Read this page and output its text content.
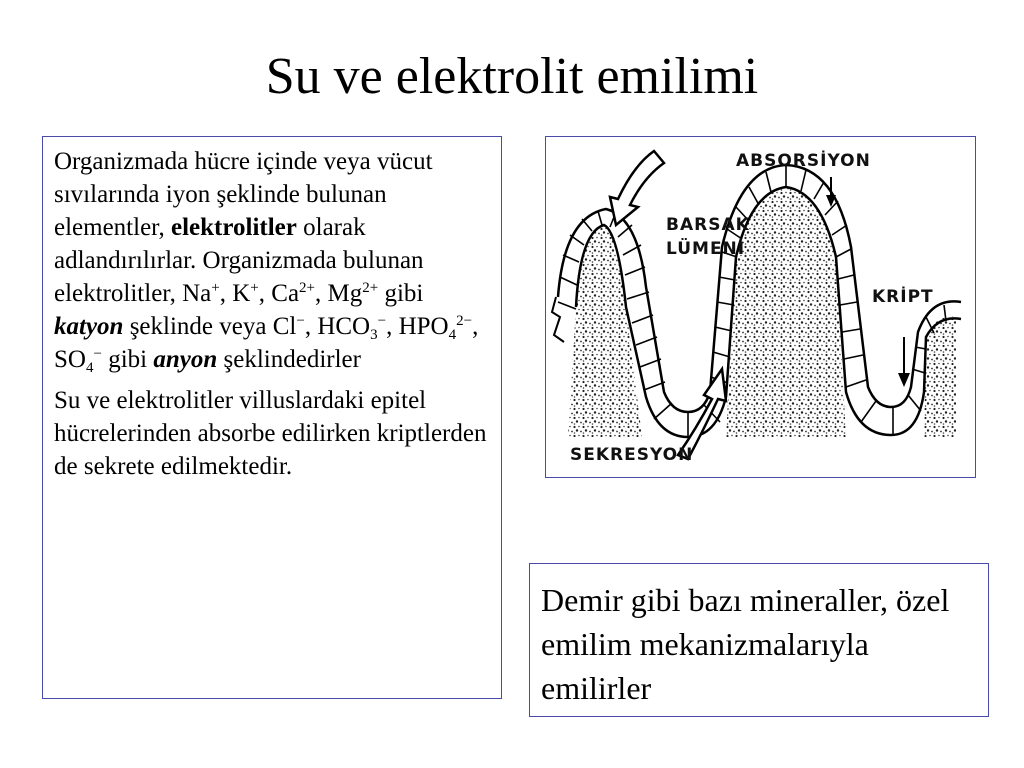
Su ve elektrolit emilimi

Organizmada hücre içinde veya vücut sıvılarında iyon şeklinde bulunan elementler, elektrolitler olarak adlandırılırlar. Organizmada bulunan elektrolitler, Na+, K+, $Ca^{2+}$, $Mg^{2+}$ gibi katyon şeklinde veya Cl−, $HCO_3^-$, $HPO_4^{2-}$, $SO_4^-$ gibi anyon şeklindedirler

Su ve elektrolitler villuslardaki epitel hücrelerinden absorbe edilirken kriptlerden de sekrete edilmektedir.

ABSORSİYON
BARSAK
LÜMENİ
KRİPT
SEKRESYON
Demir gibi bazı mineraller, özel emilim mekanizmalarıyla emilirler
